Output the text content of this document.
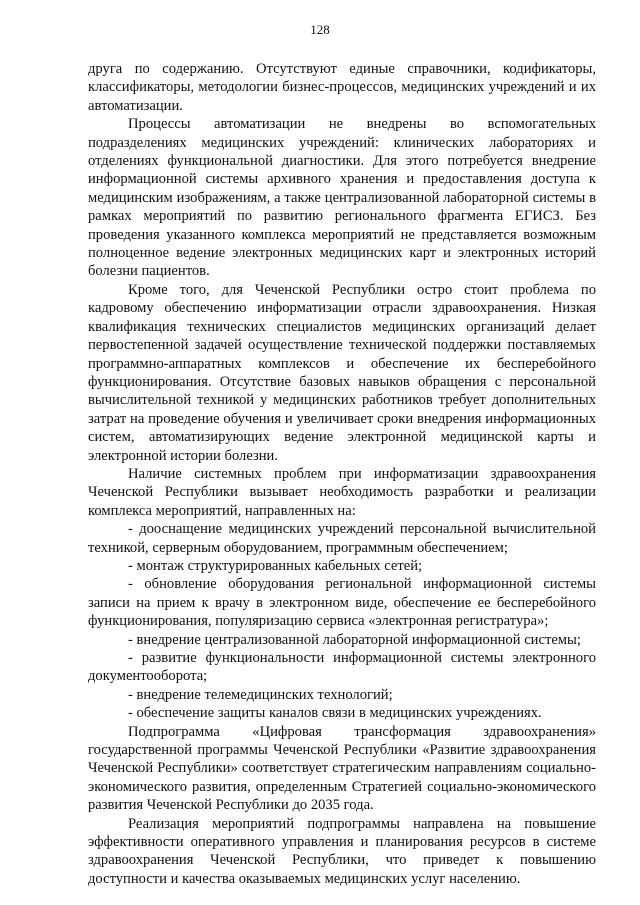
128

друга по содержанию. Отсутствуют единые справочники, кодификаторы, классификаторы, методологии бизнес-процессов, медицинских учреждений и их автоматизации.

Процессы автоматизации не внедрены во вспомогательных подразделениях медицинских учреждений: клинических лабораториях и отделениях функциональной диагностики. Для этого потребуется внедрение информационной системы архивного хранения и предоставления доступа к медицинским изображениям, а также централизованной лабораторной системы в рамках мероприятий по развитию регионального фрагмента ЕГИСЗ. Без проведения указанного комплекса мероприятий не представляется возможным полноценное ведение электронных медицинских карт и электронных историй болезни пациентов.

Кроме того, для Чеченской Республики остро стоит проблема по кадровому обеспечению информатизации отрасли здравоохранения. Низкая квалификация технических специалистов медицинских организаций делает первостепенной задачей осуществление технической поддержки поставляемых программно-аппаратных комплексов и обеспечение их бесперебойного функционирования. Отсутствие базовых навыков обращения с персональной вычислительной техникой у медицинских работников требует дополнительных затрат на проведение обучения и увеличивает сроки внедрения информационных систем, автоматизирующих ведение электронной медицинской карты и электронной истории болезни.

Наличие системных проблем при информатизации здравоохранения Чеченской Республики вызывает необходимость разработки и реализации комплекса мероприятий, направленных на:

- дооснащение медицинских учреждений персональной вычислительной техникой, серверным оборудованием, программным обеспечением;

- монтаж структурированных кабельных сетей;

- обновление оборудования региональной информационной системы записи на прием к врачу в электронном виде, обеспечение ее бесперебойного функционирования, популяризацию сервиса «электронная регистратура»;

- внедрение централизованной лабораторной информационной системы;

- развитие функциональности информационной системы электронного документооборота;

- внедрение телемедицинских технологий;

- обеспечение защиты каналов связи в медицинских учреждениях.

Подпрограмма «Цифровая трансформация здравоохранения» государственной программы Чеченской Республики «Развитие здравоохранения Чеченской Республики» соответствует стратегическим направлениям социально-экономического развития, определенным Стратегией социально-экономического развития Чеченской Республики до 2035 года.

Реализация мероприятий подпрограммы направлена на повышение эффективности оперативного управления и планирования ресурсов в системе здравоохранения Чеченской Республики, что приведет к повышению доступности и качества оказываемых медицинских услуг населению.
